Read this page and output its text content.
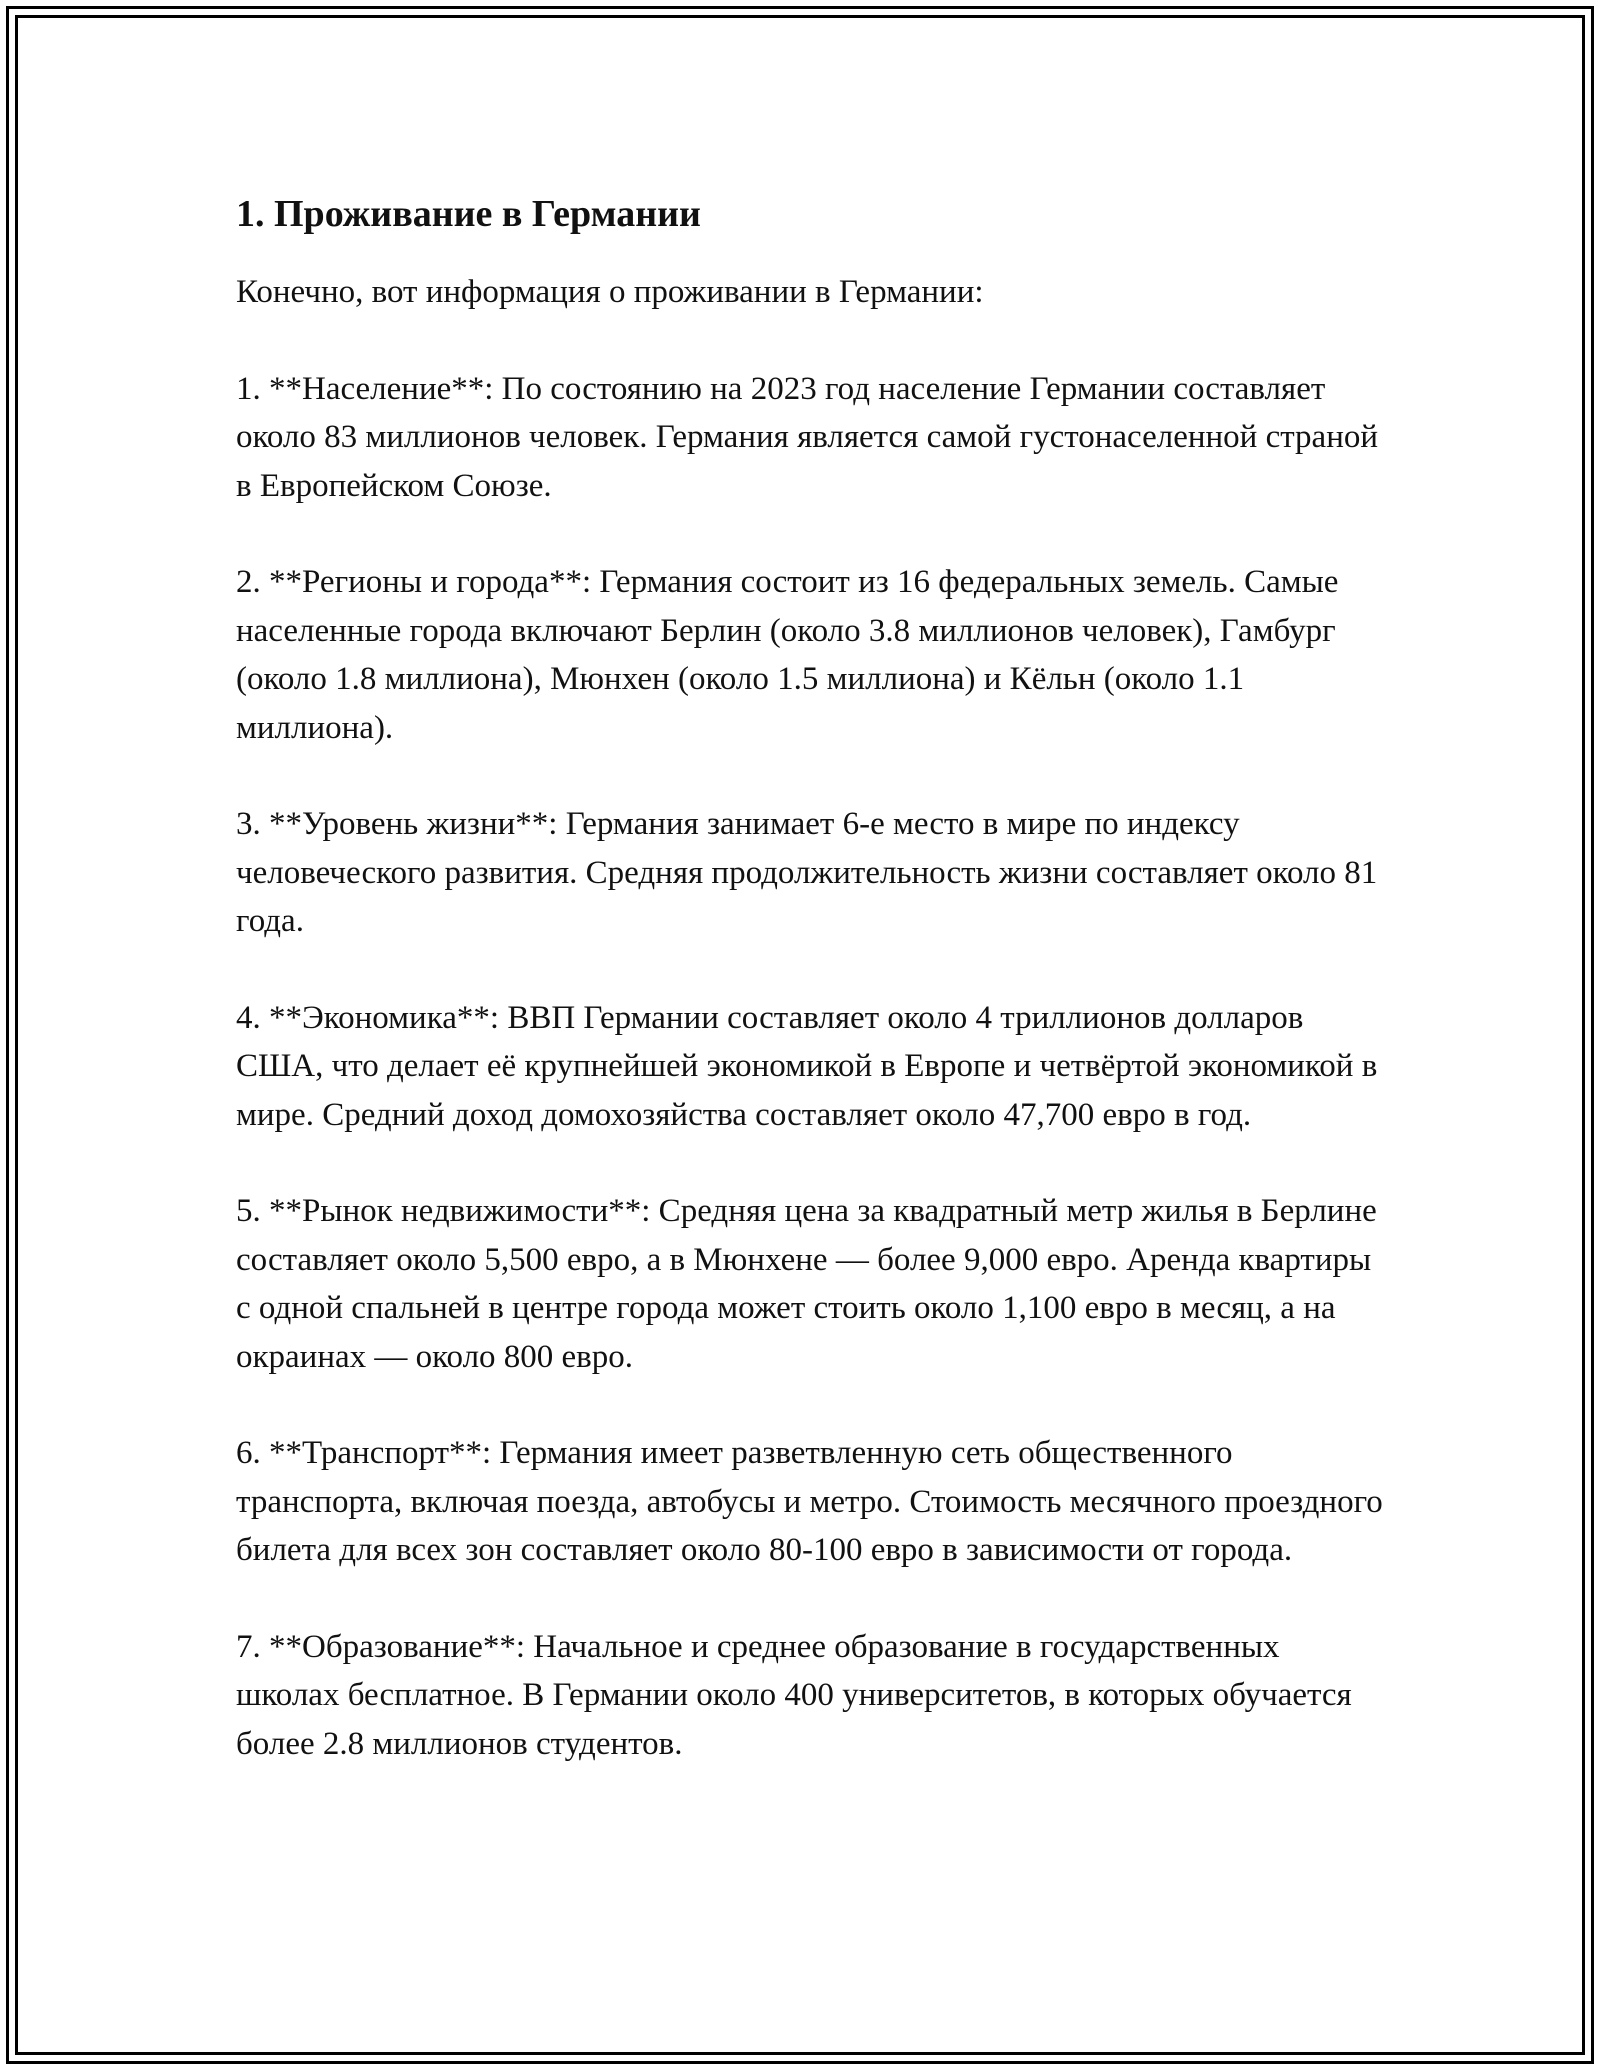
1. Проживание в Германии

Конечно, вот информация о проживании в Германии:

1. **Население**: По состоянию на 2023 год население Германии составляет около 83 миллионов человек. Германия является самой густонаселенной страной в Европейском Союзе.

2. **Регионы и города**: Германия состоит из 16 федеральных земель. Самые населенные города включают Берлин (около 3.8 миллионов человек), Гамбург (около 1.8 миллиона), Мюнхен (около 1.5 миллиона) и Кёльн (около 1.1 миллиона).

3. **Уровень жизни**: Германия занимает 6-е место в мире по индексу человеческого развития. Средняя продолжительность жизни составляет около 81 года.

4. **Экономика**: ВВП Германии составляет около 4 триллионов долларов США, что делает её крупнейшей экономикой в Европе и четвёртой экономикой в мире. Средний доход домохозяйства составляет около 47,700 евро в год.

5. **Рынок недвижимости**: Средняя цена за квадратный метр жилья в Берлине составляет около 5,500 евро, а в Мюнхене — более 9,000 евро. Аренда квартиры с одной спальней в центре города может стоить около 1,100 евро в месяц, а на окраинах — около 800 евро.

6. **Транспорт**: Германия имеет разветвленную сеть общественного транспорта, включая поезда, автобусы и метро. Стоимость месячного проездного билета для всех зон составляет около 80-100 евро в зависимости от города.

7. **Образование**: Начальное и среднее образование в государственных школах бесплатное. В Германии около 400 университетов, в которых обучается более 2.8 миллионов студентов.
